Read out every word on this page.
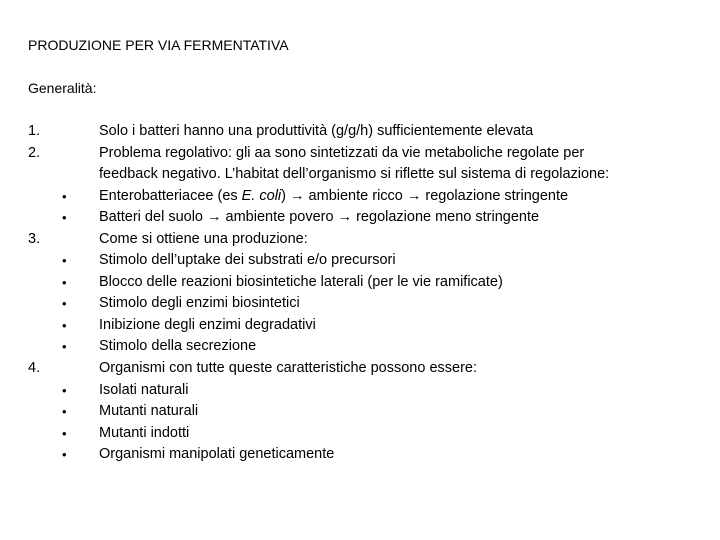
PRODUZIONE PER VIA FERMENTATIVA
Generalità:
1.	Solo i batteri hanno una produttività (g/g/h) sufficientemente elevata
2.	Problema regolativo: gli aa sono sintetizzati da vie metaboliche regolate per
feedback negativo. L’habitat dell’organismo si riflette sul sistema di regolazione:
• Enterobatteriacee (es E. coli) → ambiente ricco → regolazione stringente
• Batteri del suolo → ambiente povero → regolazione meno stringente
3.	Come si ottiene una produzione:
• Stimolo dell’uptake dei substrati e/o precursori
• Blocco delle reazioni biosintetiche laterali (per le vie ramificate)
• Stimolo degli enzimi biosintetici
• Inibizione degli enzimi degradativi
• Stimolo della secrezione
4.	Organismi con tutte queste caratteristiche possono essere:
• Isolati naturali
• Mutanti naturali
• Mutanti indotti
• Organismi manipolati geneticamente
